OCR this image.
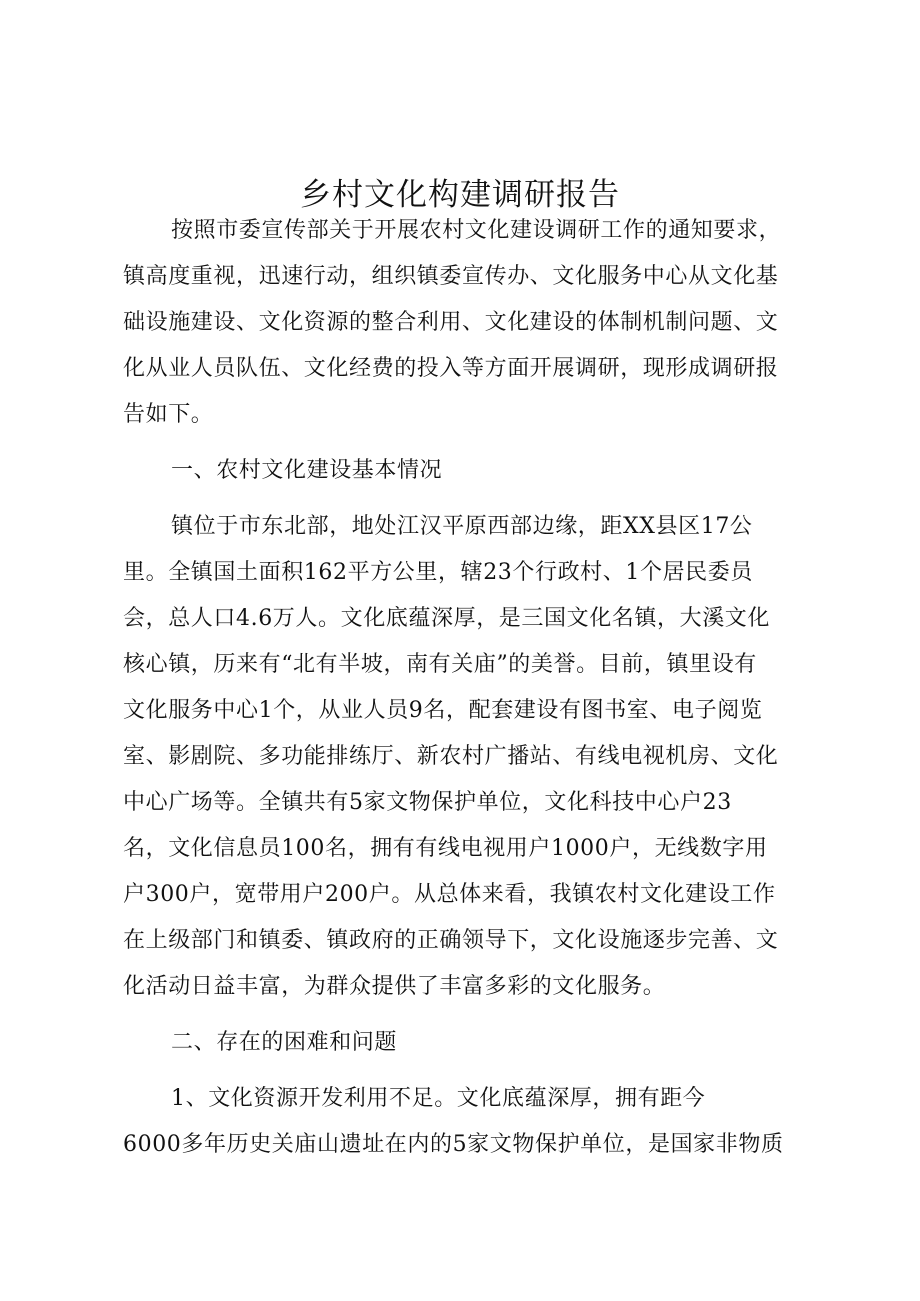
乡村文化构建调研报告
按照市委宣传部关于开展农村文化建设调研工作的通知要求，
镇高度重视，迅速行动，组织镇委宣传办、文化服务中心从文化基
础设施建设、文化资源的整合利用、文化建设的体制机制问题、文
化从业人员队伍、文化经费的投入等方面开展调研，现形成调研报
告如下。
一、农村文化建设基本情况
镇位于市东北部，地处江汉平原西部边缘，距XX县区17公
里。全镇国土面积162平方公里，辖23个行政村、1个居民委员
会，总人口4.6万人。文化底蕴深厚，是三国文化名镇，大溪文化
核心镇，历来有“北有半坡，南有关庙”的美誉。目前，镇里设有
文化服务中心1个，从业人员9名，配套建设有图书室、电子阅览
室、影剧院、多功能排练厅、新农村广播站、有线电视机房、文化
中心广场等。全镇共有5家文物保护单位，文化科技中心户23
名，文化信息员100名，拥有有线电视用户1000户，无线数字用
户300户，宽带用户200户。从总体来看，我镇农村文化建设工作
在上级部门和镇委、镇政府的正确领导下，文化设施逐步完善、文
化活动日益丰富，为群众提供了丰富多彩的文化服务。
二、存在的困难和问题
1、文化资源开发利用不足。文化底蕴深厚，拥有距今
6000多年历史关庙山遗址在内的5家文物保护单位，是国家非物质
